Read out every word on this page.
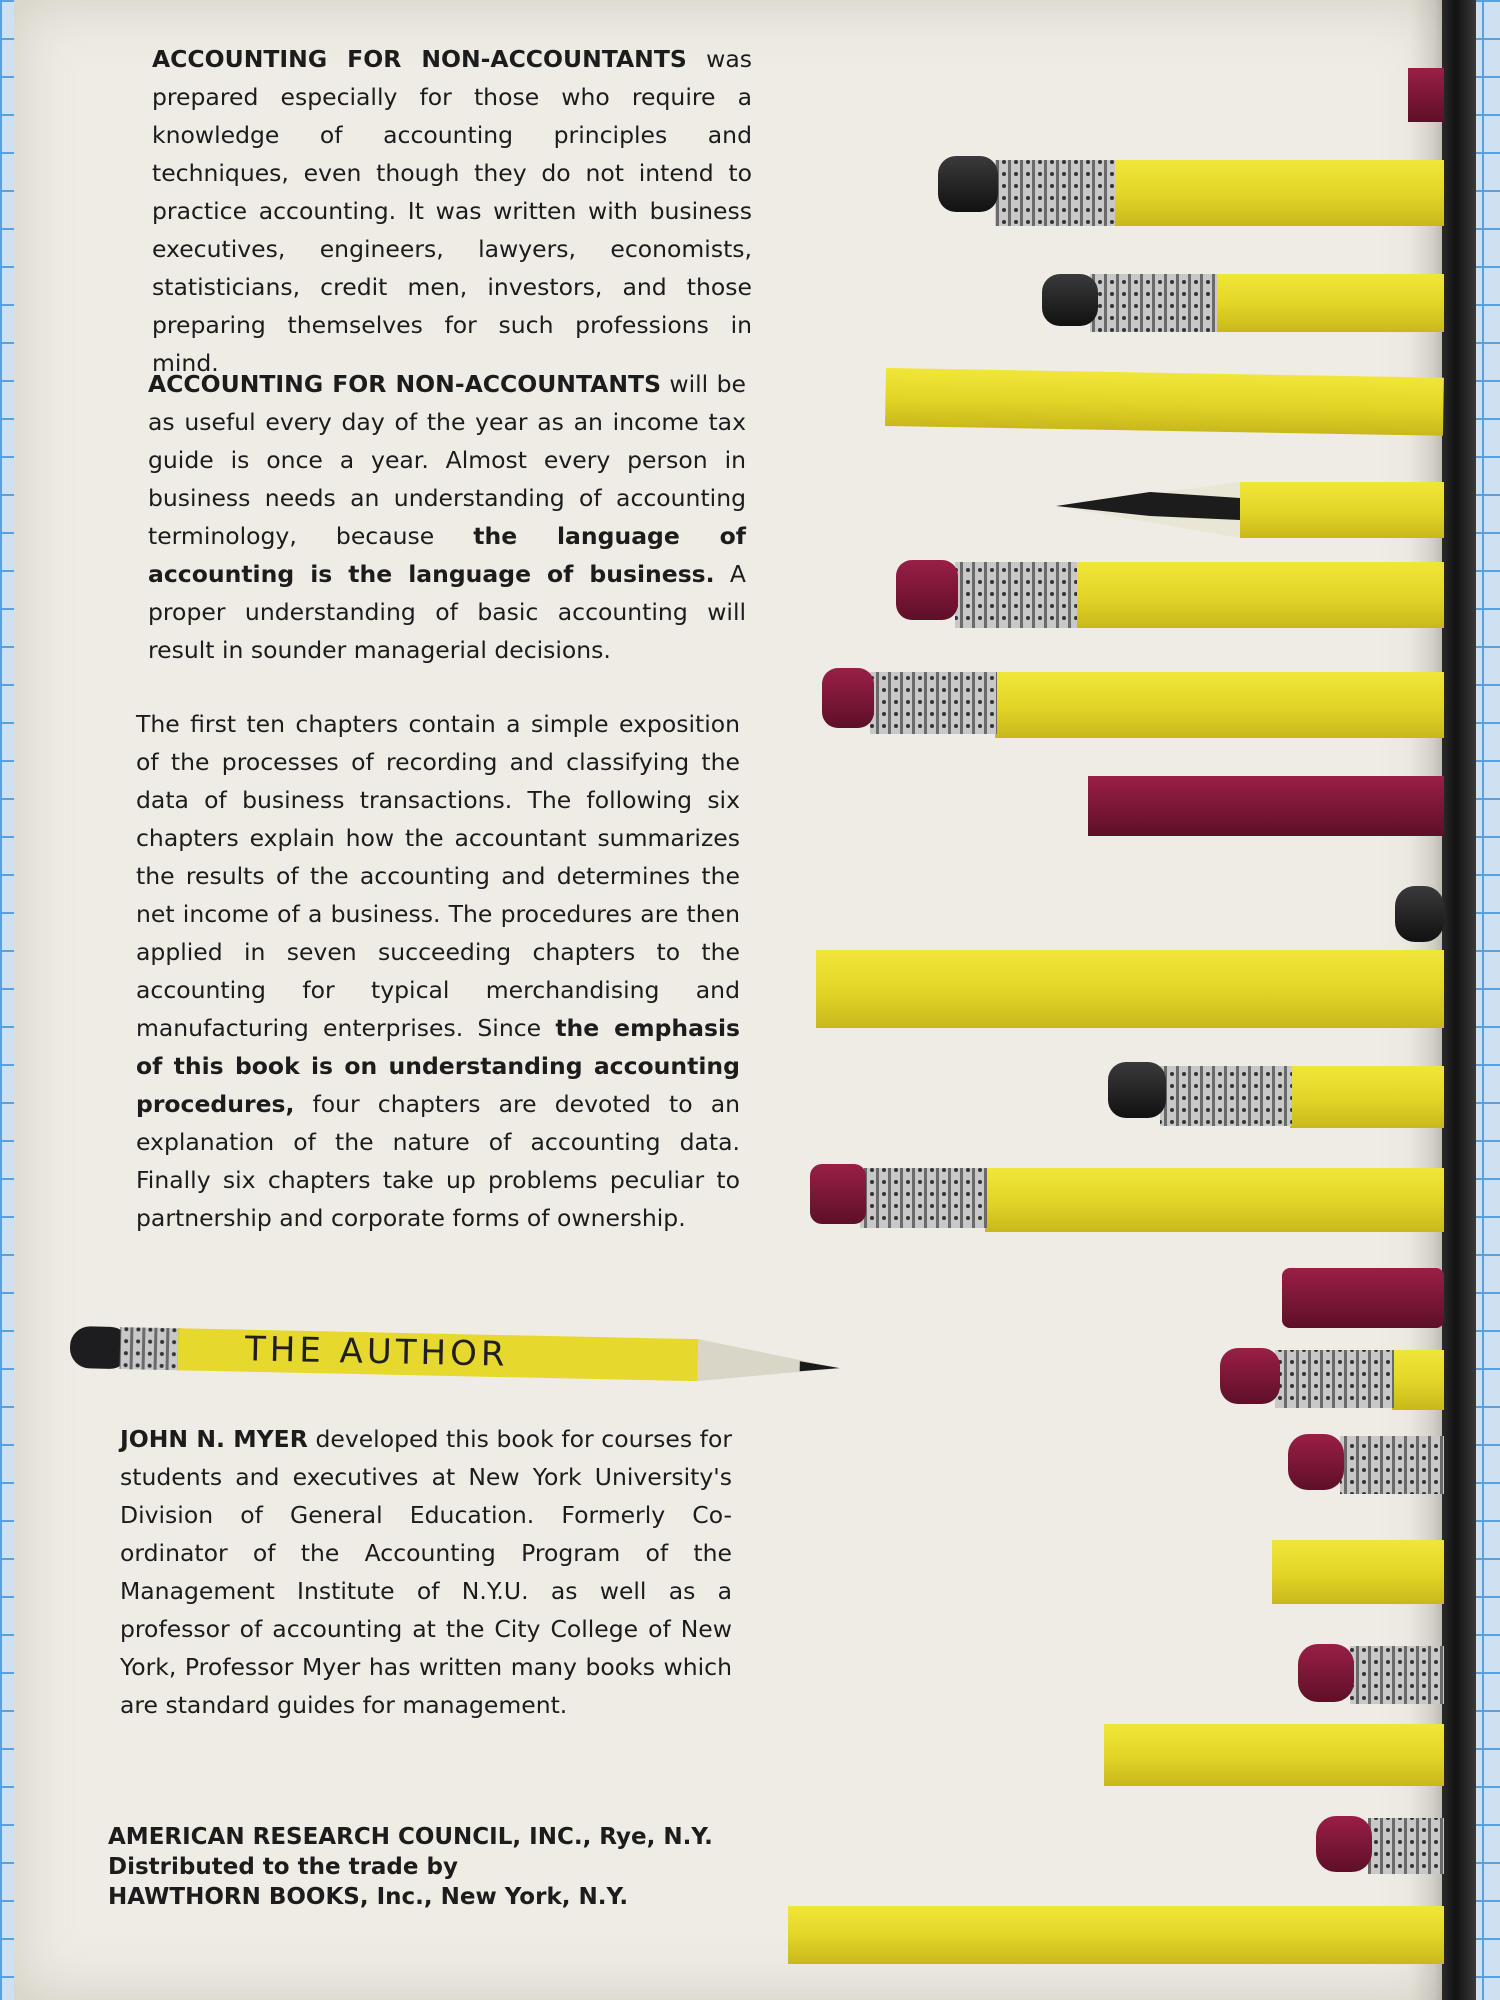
THE AUTHOR
ACCOUNTING FOR NON-ACCOUNTANTS was prepared especially for those who require a knowledge of accounting principles and techniques, even though they do not intend to practice accounting. It was written with business executives, engineers, lawyers, economists, statisticians, credit men, investors, and those preparing themselves for such professions in mind.
ACCOUNTING FOR NON-ACCOUNTANTS will be as useful every day of the year as an income tax guide is once a year. Almost every person in business needs an understanding of accounting terminology, because the language of accounting is the language of business. A proper understanding of basic accounting will result in sounder managerial decisions.
The first ten chapters contain a simple exposition of the processes of recording and classifying the data of business transactions. The following six chapters explain how the accountant summarizes the results of the accounting and determines the net income of a business. The procedures are then applied in seven succeeding chapters to the accounting for typical merchandising and manufacturing enterprises. Since the emphasis of this book is on understanding accounting procedures, four chapters are devoted to an explanation of the nature of accounting data. Finally six chapters take up problems peculiar to partnership and corporate forms of ownership.
JOHN N. MYER developed this book for courses for students and executives at New York University's Division of General Education. Formerly Co-ordinator of the Accounting Program of the Management Institute of N.Y.U. as well as a professor of accounting at the City College of New York, Professor Myer has written many books which are standard guides for management.
AMERICAN RESEARCH COUNCIL, INC., Rye, N.Y.
Distributed to the trade by
HAWTHORN BOOKS, Inc., New York, N.Y.
